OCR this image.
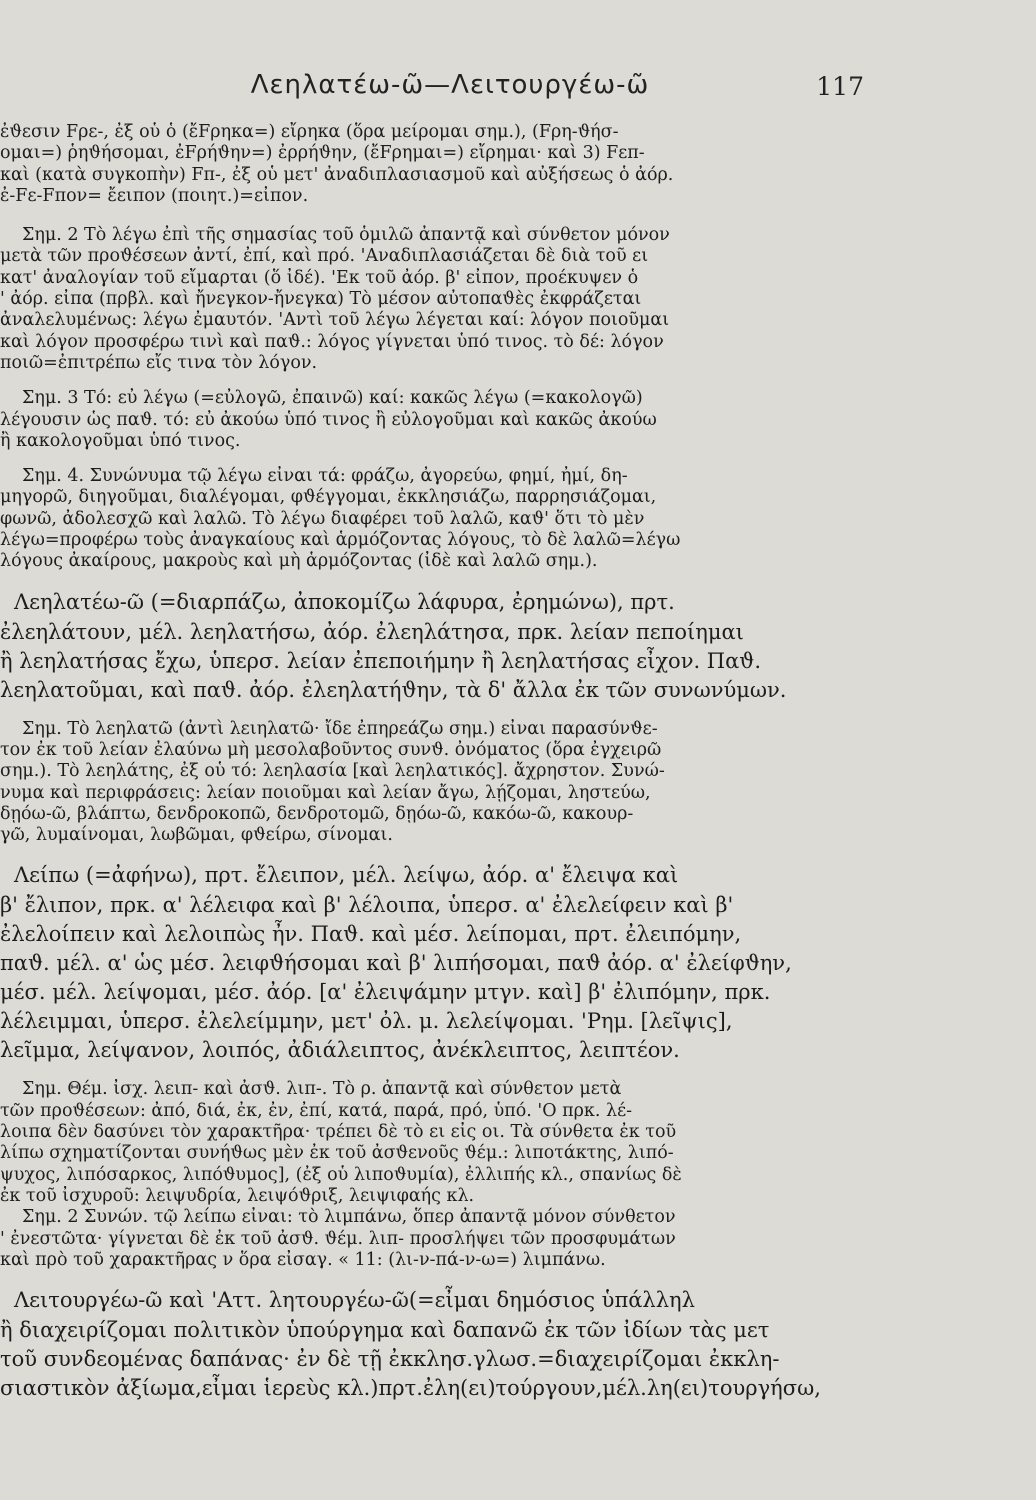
Λεηλατέω-ῶ—Λειτουργέω-ῶ	117
ἐϑεσιν Fρε-, ἐξ οὗ ὁ (ἔFρηκα=) εἴρηκα (ὅρα μείρομαι σημ.), (Fρη-ϑήσ-
ομαι=) ῥηϑήσομαι, ἐFρήϑην=) ἐρρήϑην, (ἔFρημαι=) εἴρημαι· καὶ 3) Fεπ-
καὶ (κατὰ συγκοπὴν) Fπ-, ἐξ οὗ μετ' ἀναδιπλασιασμοῦ καὶ αὐξήσεως ὁ ἀόρ.
ἐ-Fε-Fπον= ἔειπον (ποιητ.)=εἶπον.
Σημ. 2 Τὸ λέγω ἐπὶ τῆς σημασίας τοῦ ὁμιλῶ ἀπαντᾷ καὶ σύνθετον μόνον
μετὰ τῶν προϑέσεων ἀντί, ἐπί, καὶ πρό. 'Αναδιπλασιάζεται δὲ διὰ τοῦ ει
κατ' ἀναλογίαν τοῦ εἴμαρται (ὅ ἰδέ). 'Εκ τοῦ ἀόρ. β' εἶπον, προέκυψεν ὁ
' ἀόρ. εἶπα (πρβλ. καὶ ἤνεγκον-ἤνεγκα) Τὸ μέσον αὐτοπαϑὲς ἐκφράζεται
ἀναλελυμένως: λέγω ἐμαυτόν. 'Αντὶ τοῦ λέγω λέγεται καί: λόγον ποιοῦμαι
καὶ λόγον προσφέρω τινὶ καὶ παϑ.: λόγος γίγνεται ὑπό τινος. τὸ δέ: λόγον
ποιῶ=ἐπιτρέπω εἴς τινα τὸν λόγον.
Σημ. 3 Τό: εὖ λέγω (=εὐλογῶ, ἐπαινῶ) καί: κακῶς λέγω (=κακολογῶ)
λέγουσιν ὡς παϑ. τό: εὖ ἀκούω ὑπό τινος ἢ εὐλογοῦμαι καὶ κακῶς ἀκούω
ἢ κακολογοῦμαι ὑπό τινος.
Σημ. 4. Συνώνυμα τῷ λέγω εἶναι τά: φράζω, ἀγορεύω, φημί, ἠμί, δη-
μηγορῶ, διηγοῦμαι, διαλέγομαι, φϑέγγομαι, ἐκκλησιάζω, παρρησιάζομαι,
φωνῶ, ἀδολεσχῶ καὶ λαλῶ. Τὸ λέγω διαφέρει τοῦ λαλῶ, καϑ' ὅτι τὸ μὲν
λέγω=προφέρω τοὺς ἀναγκαίους καὶ ἁρμόζοντας λόγους, τὸ δὲ λαλῶ=λέγω
λόγους ἀκαίρους, μακροὺς καὶ μὴ ἁρμόζοντας (ἰδὲ καὶ λαλῶ σημ.).
Λεηλατέω-ῶ (=διαρπάζω, ἀποκομίζω λάφυρα, ἐρημώνω), πρτ.
ἐλεηλάτουν, μέλ. λεηλατήσω, ἀόρ. ἐλεηλάτησα, πρκ. λείαν πεποίημαι
ἢ λεηλατήσας ἔχω, ὑπερσ. λείαν ἐπεποιήμην ἢ λεηλατήσας εἶχον. Παϑ.
λεηλατοῦμαι, καὶ παϑ. ἀόρ. ἐλεηλατήϑην, τὰ δ' ἄλλα ἐκ τῶν συνωνύμων.
Σημ. Τὸ λεηλατῶ (ἀντὶ λειηλατῶ· ἴδε ἐπηρεάζω σημ.) εἶναι παρασύνϑε-
τον ἐκ τοῦ λείαν ἐλαύνω μὴ μεσολαβοῦντος συνϑ. ὀνόματος (ὅρα ἐγχειρῶ
σημ.). Τὸ λεηλάτης, ἐξ οὗ τό: λεηλασία [καὶ λεηλατικός]. ἄχρηστον. Συνώ-
νυμα καὶ περιφράσεις: λείαν ποιοῦμαι καὶ λείαν ἄγω, λῄζομαι, ληστεύω,
δῃόω-ῶ, βλάπτω, δενδροκοπῶ, δενδροτομῶ, δῃόω-ῶ, κακόω-ῶ, κακουρ-
γῶ, λυμαίνομαι, λωβῶμαι, φϑείρω, σίνομαι.
Λείπω (=ἀφήνω), πρτ. ἔλειπον, μέλ. λείψω, ἀόρ. α' ἔλειψα καὶ
β' ἔλιπον, πρκ. α' λέλειφα καὶ β' λέλοιπα, ὑπερσ. α' ἐλελείφειν καὶ β'
ἐλελοίπειν καὶ λελοιπὼς ἦν. Παϑ. καὶ μέσ. λείπομαι, πρτ. ἐλειπόμην,
παϑ. μέλ. α' ὡς μέσ. λειφϑήσομαι καὶ β' λιπήσομαι, παϑ ἀόρ. α' ἐλείφϑην,
μέσ. μέλ. λείψομαι, μέσ. ἀόρ. [α' ἐλειψάμην μτγν. καὶ] β' ἐλιπόμην, πρκ.
λέλειμμαι, ὑπερσ. ἐλελείμμην, μετ' ὀλ. μ. λελείψομαι. 'Ρημ. [λεῖψις],
λεῖμμα, λείψανον, λοιπός, ἀδιάλειπτος, ἀνέκλειπτος, λειπτέον.
Σημ. Θέμ. ἰσχ. λειπ- καὶ ἀσϑ. λιπ-. Τὸ ρ. ἀπαντᾷ καὶ σύνθετον μετὰ
τῶν προϑέσεων: ἀπό, διά, ἐκ, ἐν, ἐπί, κατά, παρά, πρό, ὑπό. 'Ο πρκ. λέ-
λοιπα δὲν δασύνει τὸν χαρακτῆρα· τρέπει δὲ τὸ ει εἰς οι. Τὰ σύνθετα ἐκ τοῦ
λίπω σχηματίζονται συνήϑως μὲν ἐκ τοῦ ἀσϑενοῦς ϑέμ.: λιποτάκτης, λιπό-
ψυχος, λιπόσαρκος, λιπόϑυμος], (ἐξ οὗ λιποϑυμία), ἐλλιπής κλ., σπανίως δὲ
ἐκ τοῦ ἰσχυροῦ: λειψυδρία, λειψόϑριξ, λειψιφαής κλ.
Σημ. 2 Συνών. τῷ λείπω εἶναι: τὸ λιμπάνω, ὅπερ ἀπαντᾷ μόνον σύνθετον
' ἐνεστῶτα· γίγνεται δὲ ἐκ τοῦ ἀσϑ. ϑέμ. λιπ- προσλήψει τῶν προσφυμάτων
καὶ πρὸ τοῦ χαρακτῆρας ν ὅρα εἰσαγ. « 11: (λι-ν-πά-ν-ω=) λιμπάνω.
Λειτουργέω-ῶ καὶ 'Αττ. λητουργέω-ῶ(=εἶμαι δημόσιος ὑπάλληλ
ἢ διαχειρίζομαι πολιτικὸν ὑπούργημα καὶ δαπανῶ ἐκ τῶν ἰδίων τὰς μετ
τοῦ συνδεομένας δαπάνας· ἐν δὲ τῇ ἐκκλησ.γλωσ.=διαχειρίζομαι ἐκκλη-
σιαστικὸν ἀξίωμα,εἶμαι ἱερεὺς κλ.)πρτ.ἐλη(ει)τούργουν,μέλ.λη(ει)τουργήσω,
